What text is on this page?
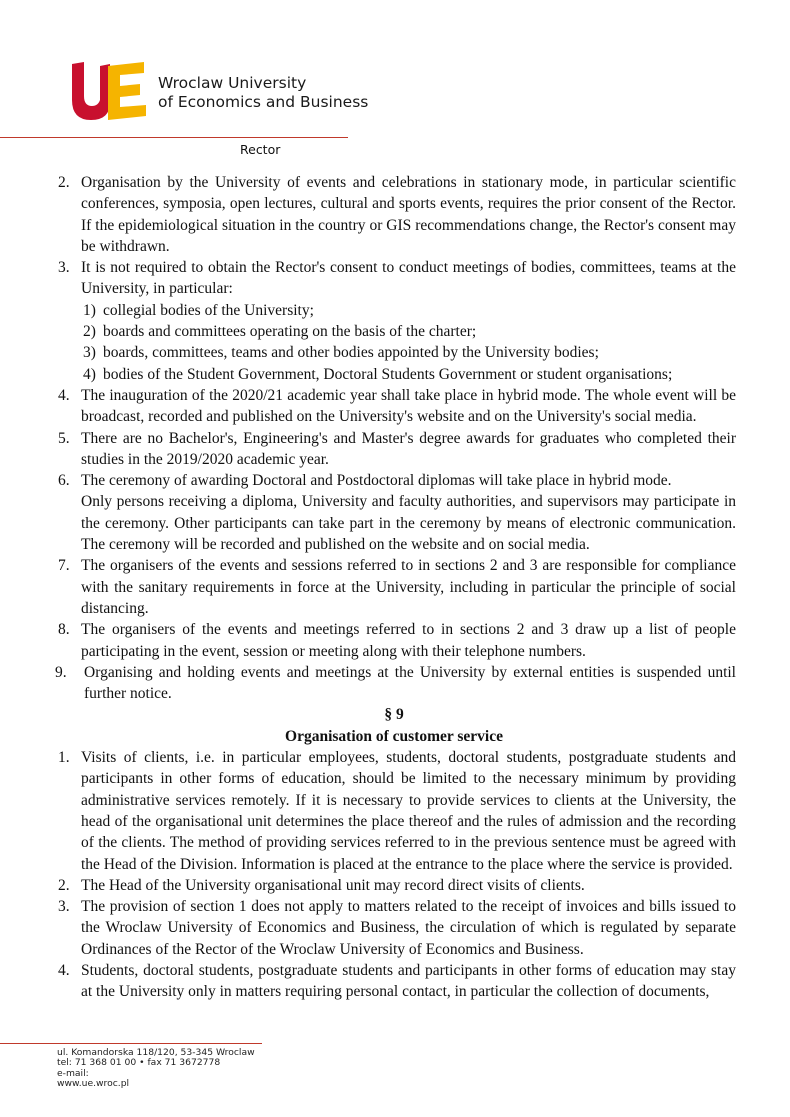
Wroclaw University
of Economics and Business
Rector
2. Organisation by the University of events and celebrations in stationary mode, in particular scientific conferences, symposia, open lectures, cultural and sports events, requires the prior consent of the Rector. If the epidemiological situation in the country or GIS recommendations change, the Rector's consent may be withdrawn.
3. It is not required to obtain the Rector's consent to conduct meetings of bodies, committees, teams at the University, in particular:
1) collegial bodies of the University;
2) boards and committees operating on the basis of the charter;
3) boards, committees, teams and other bodies appointed by the University bodies;
4) bodies of the Student Government, Doctoral Students Government or student organisations;
4. The inauguration of the 2020/21 academic year shall take place in hybrid mode. The whole event will be broadcast, recorded and published on the University's website and on the University's social media.
5. There are no Bachelor's, Engineering's and Master's degree awards for graduates who completed their studies in the 2019/2020 academic year.
6. The ceremony of awarding Doctoral and Postdoctoral diplomas will take place in hybrid mode.
Only persons receiving a diploma, University and faculty authorities, and supervisors may participate in the ceremony. Other participants can take part in the ceremony by means of electronic communication. The ceremony will be recorded and published on the website and on social media.
7. The organisers of the events and sessions referred to in sections 2 and 3 are responsible for compliance with the sanitary requirements in force at the University, including in particular the principle of social distancing.
8. The organisers of the events and meetings referred to in sections 2 and 3 draw up a list of people participating in the event, session or meeting along with their telephone numbers.
9. Organising and holding events and meetings at the University by external entities is suspended until further notice.
§ 9
Organisation of customer service
1. Visits of clients, i.e. in particular employees, students, doctoral students, postgraduate students and participants in other forms of education, should be limited to the necessary minimum by providing administrative services remotely. If it is necessary to provide services to clients at the University, the head of the organisational unit determines the place thereof and the rules of admission and the recording of the clients. The method of providing services referred to in the previous sentence must be agreed with the Head of the Division. Information is placed at the entrance to the place where the service is provided.
2. The Head of the University organisational unit may record direct visits of clients.
3. The provision of section 1 does not apply to matters related to the receipt of invoices and bills issued to the Wroclaw University of Economics and Business, the circulation of which is regulated by separate Ordinances of the Rector of the Wroclaw University of Economics and Business.
4. Students, doctoral students, postgraduate students and participants in other forms of education may stay at the University only in matters requiring personal contact, in particular the collection of documents,
ul. Komandorska 118/120, 53-345 Wroclaw
tel: 71 368 01 00 • fax 71 3672778
e-mail:
www.ue.wroc.pl
